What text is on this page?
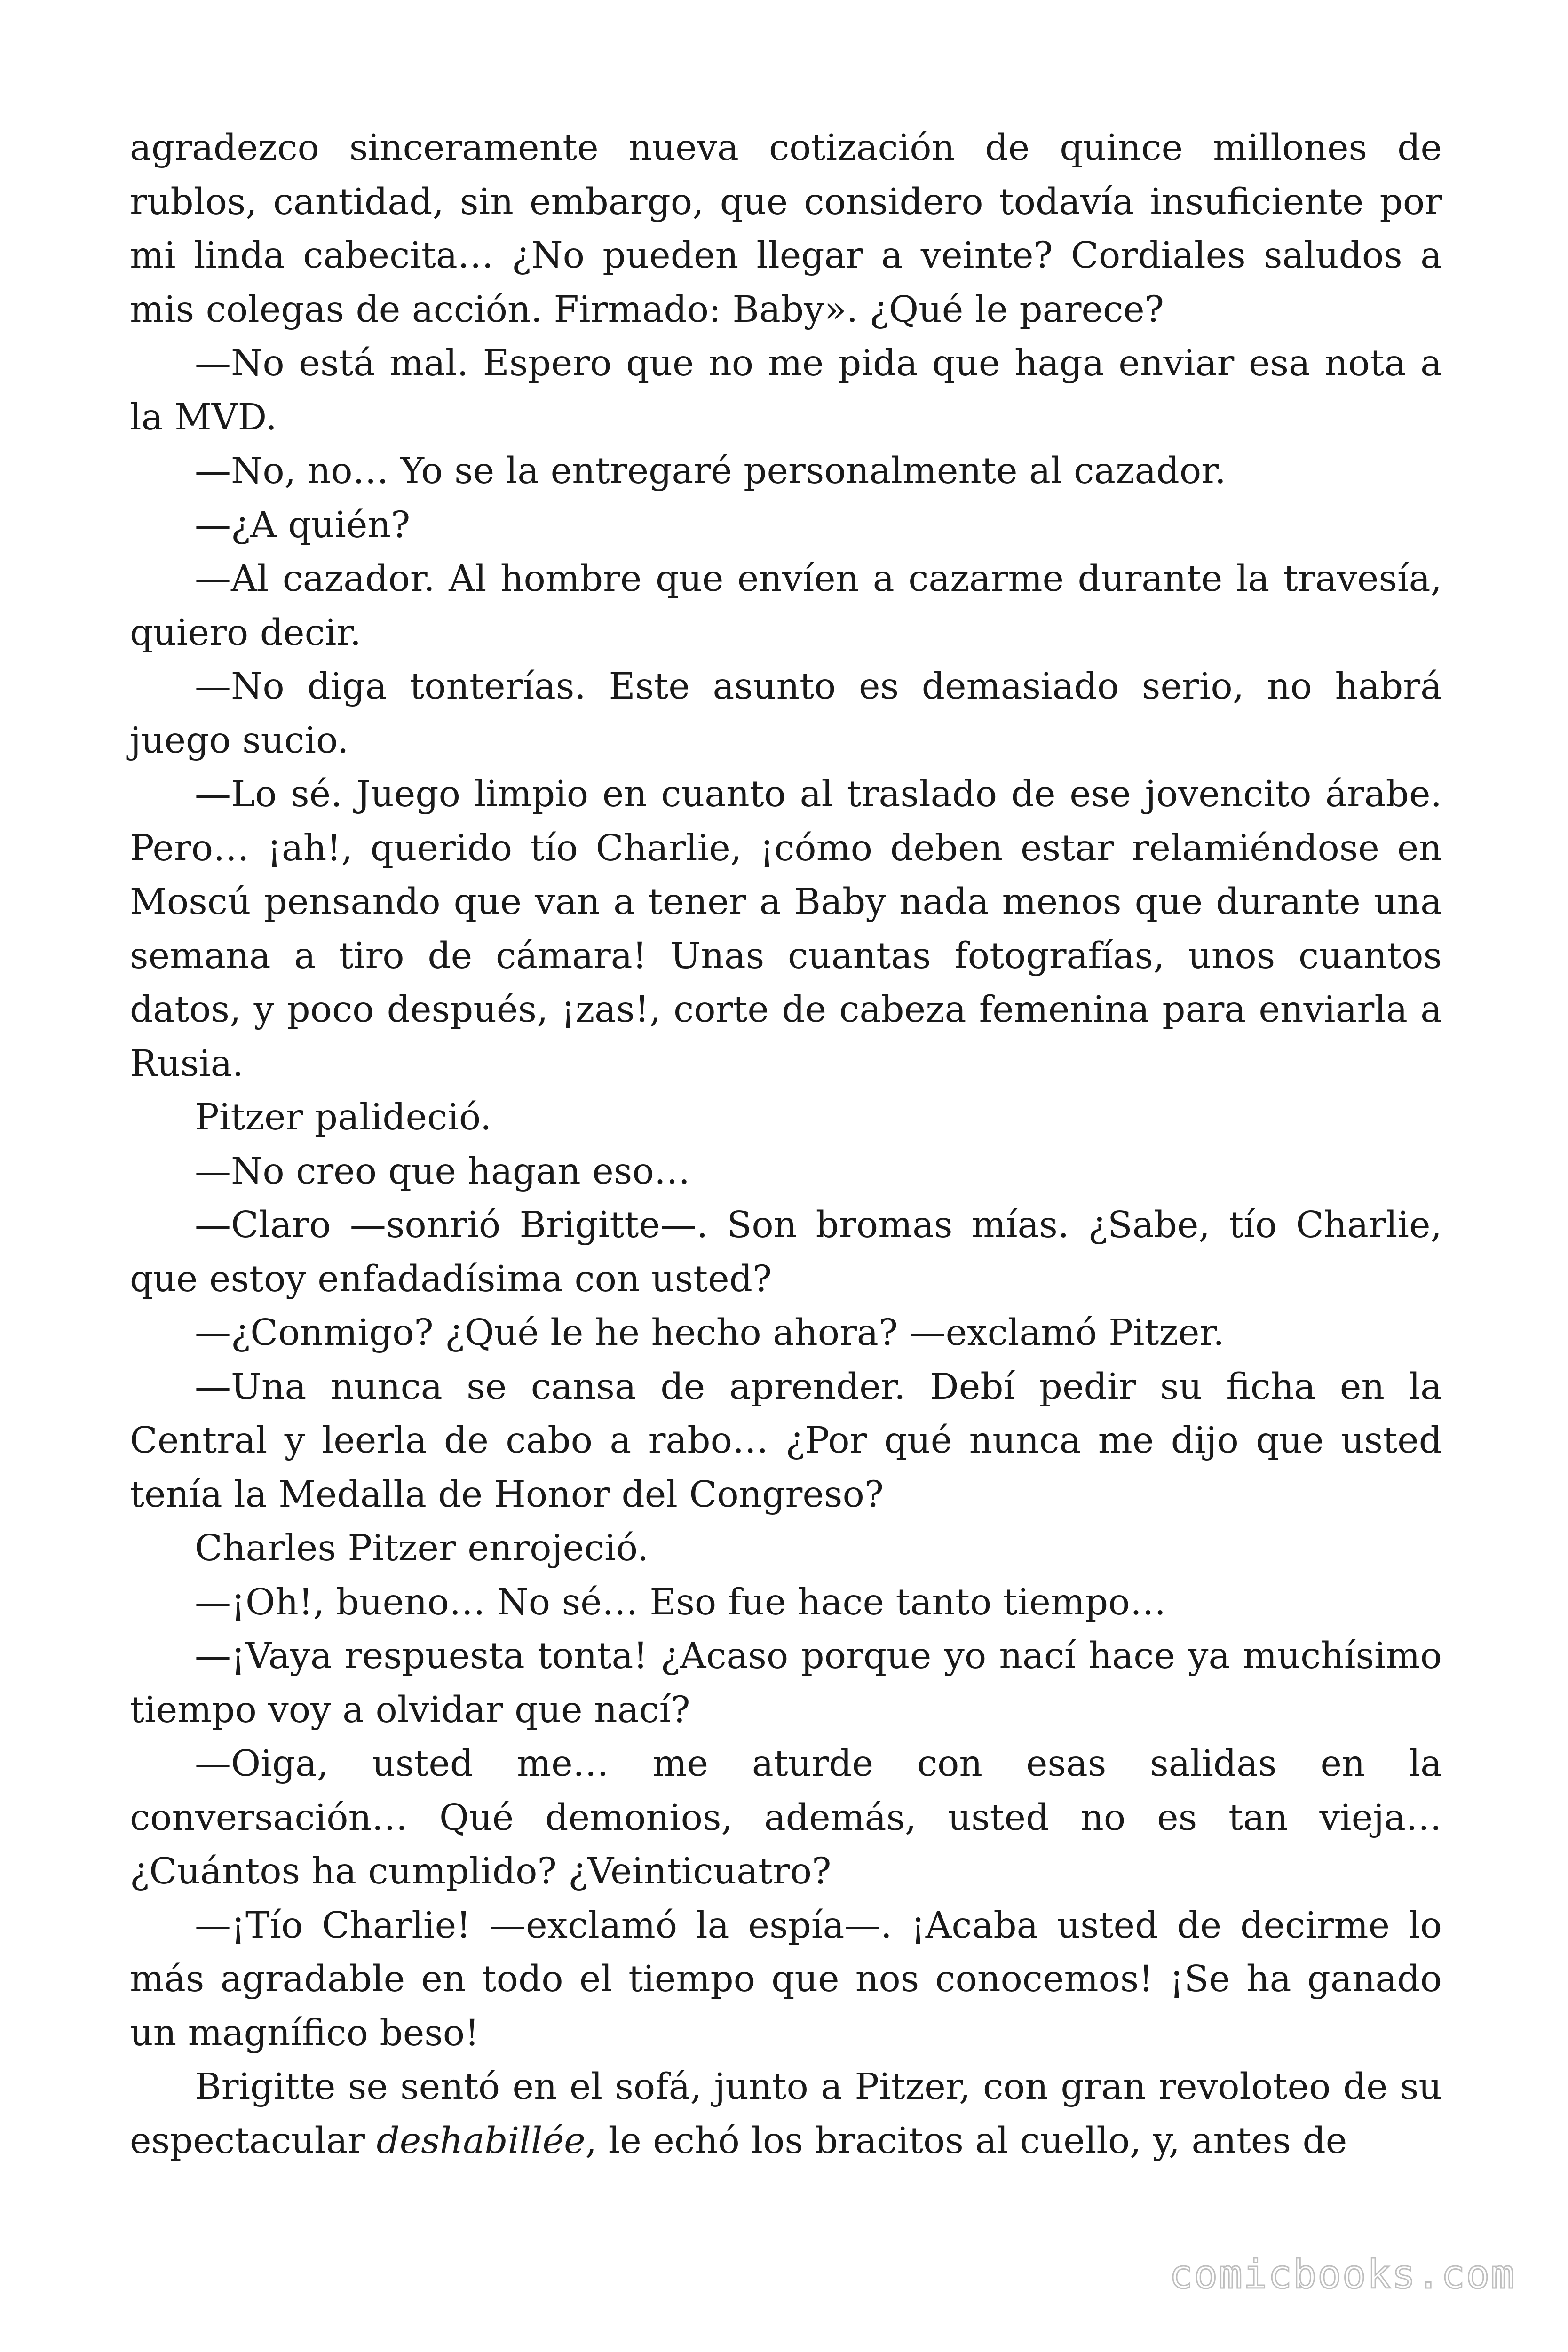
agradezco sinceramente nueva cotización de quince millones de rublos, cantidad, sin embargo, que considero todavía insuficiente por mi linda cabecita… ¿No pueden llegar a veinte? Cordiales saludos a mis colegas de acción. Firmado: Baby». ¿Qué le parece?

—No está mal. Espero que no me pida que haga enviar esa nota a la MVD.

—No, no… Yo se la entregaré personalmente al cazador.

—¿A quién?

—Al cazador. Al hombre que envíen a cazarme durante la travesía, quiero decir.

—No diga tonterías. Este asunto es demasiado serio, no habrá juego sucio.

—Lo sé. Juego limpio en cuanto al traslado de ese jovencito árabe. Pero… ¡ah!, querido tío Charlie, ¡cómo deben estar relamiéndose en Moscú pensando que van a tener a Baby nada menos que durante una semana a tiro de cámara! Unas cuantas fotografías, unos cuantos datos, y poco después, ¡zas!, corte de cabeza femenina para enviarla a Rusia.

Pitzer palideció.

—No creo que hagan eso…

—Claro —sonrió Brigitte—. Son bromas mías. ¿Sabe, tío Charlie, que estoy enfadadísima con usted?

—¿Conmigo? ¿Qué le he hecho ahora? —exclamó Pitzer.

—Una nunca se cansa de aprender. Debí pedir su ficha en la Central y leerla de cabo a rabo… ¿Por qué nunca me dijo que usted tenía la Medalla de Honor del Congreso?

Charles Pitzer enrojeció.

—¡Oh!, bueno… No sé… Eso fue hace tanto tiempo…

—¡Vaya respuesta tonta! ¿Acaso porque yo nací hace ya muchísimo tiempo voy a olvidar que nací?

—Oiga, usted me… me aturde con esas salidas en la conversación… Qué demonios, además, usted no es tan vieja… ¿Cuántos ha cumplido? ¿Veinticuatro?

—¡Tío Charlie! —exclamó la espía—. ¡Acaba usted de decirme lo más agradable en todo el tiempo que nos conocemos! ¡Se ha ganado un magnífico beso!

Brigitte se sentó en el sofá, junto a Pitzer, con gran revoloteo de su espectacular deshabillée, le echó los bracitos al cuello, y, antes de

comicbooks.com
